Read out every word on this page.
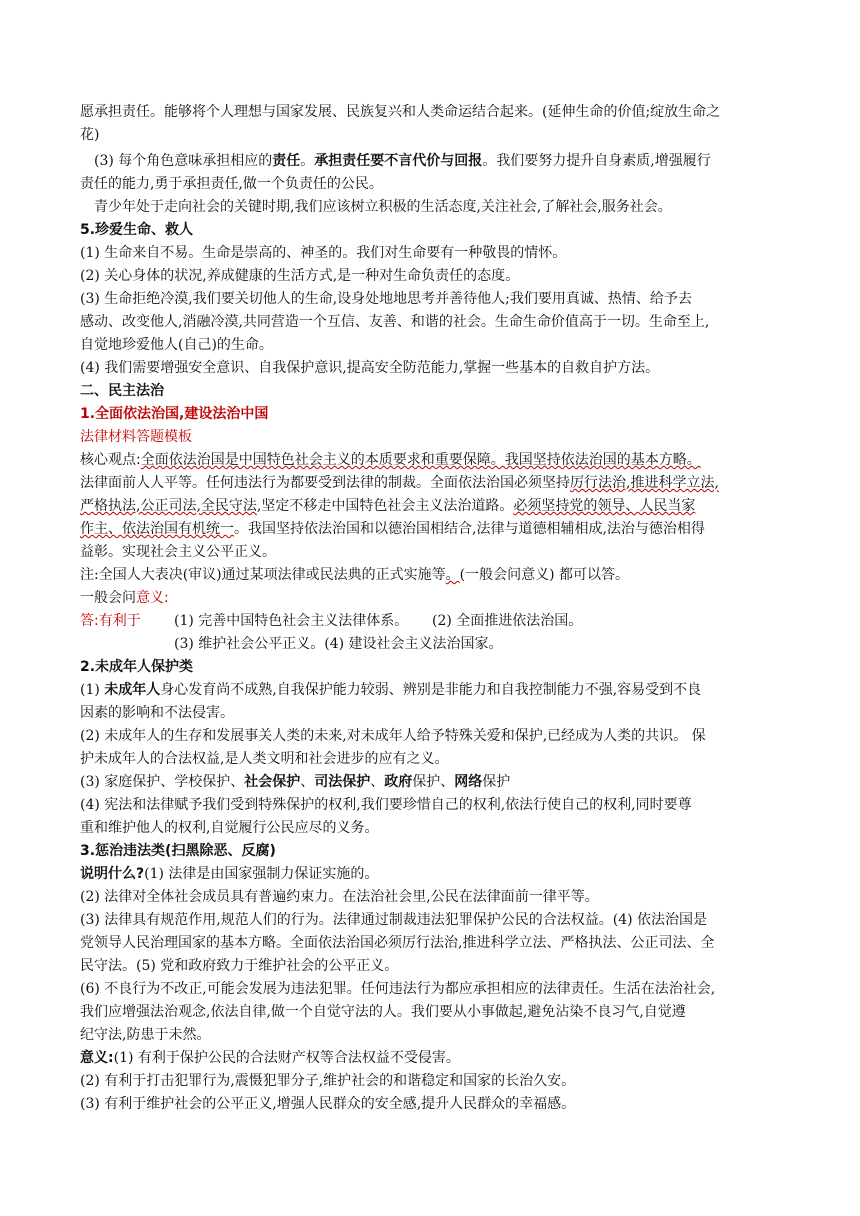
愿承担责任。能够将个人理想与国家发展、民族复兴和人类命运结合起来。(延伸生命的价值;绽放生命之
花)
(3) 每个角色意味承担相应的责任。承担责任要不言代价与回报。我们要努力提升自身素质,增强履行
责任的能力,勇于承担责任,做一个负责任的公民。
青少年处于走向社会的关键时期,我们应该树立积极的生活态度,关注社会,了解社会,服务社会。
5.珍爱生命、救人
(1) 生命来自不易。生命是崇高的、神圣的。我们对生命要有一种敬畏的情怀。
(2) 关心身体的状况,养成健康的生活方式,是一种对生命负责任的态度。
(3) 生命拒绝冷漠,我们要关切他人的生命,设身处地地思考并善待他人;我们要用真诚、热情、给予去
感动、改变他人,消融冷漠,共同营造一个互信、友善、和谐的社会。生命生命价值高于一切。生命至上,
自觉地珍爱他人(自己)的生命。
(4) 我们需要增强安全意识、自我保护意识,提高安全防范能力,掌握一些基本的自救自护方法。
二、民主法治
1.全面依法治国,建设法治中国
法律材料答题模板
核心观点:全面依法治国是中国特色社会主义的本质要求和重要保障。我国坚持依法治国的基本方略。
法律面前人人平等。任何违法行为都要受到法律的制裁。全面依法治国必须坚持厉行法治,推进科学立法,
严格执法,公正司法,全民守法,坚定不移走中国特色社会主义法治道路。必须坚持党的领导、人民当家
作主、依法治国有机统一。我国坚持依法治国和以德治国相结合,法律与道德相辅相成,法治与德治相得
益彰。实现社会主义公平正义。
注:全国人大表决(审议)通过某项法律或民法典的正式实施等。(一般会问意义) 都可以答。
一般会问意义:
答:有利于 (1) 完善中国特色社会主义法律体系。 (2) 全面推进依法治国。
(3) 维护社会公平正义。(4) 建设社会主义法治国家。
2.未成年人保护类
(1) 未成年人身心发育尚不成熟,自我保护能力较弱、辨别是非能力和自我控制能力不强,容易受到不良
因素的影响和不法侵害。
(2) 未成年人的生存和发展事关人类的未来,对未成年人给予特殊关爱和保护,已经成为人类的共识。 保
护未成年人的合法权益,是人类文明和社会进步的应有之义。
(3) 家庭保护、学校保护、社会保护、司法保护、政府保护、网络保护
(4) 宪法和法律赋予我们受到特殊保护的权利,我们要珍惜自己的权利,依法行使自己的权利,同时要尊
重和维护他人的权利,自觉履行公民应尽的义务。
3.惩治违法类(扫黑除恶、反腐)
说明什么?(1) 法律是由国家强制力保证实施的。
(2) 法律对全体社会成员具有普遍约束力。在法治社会里,公民在法律面前一律平等。
(3) 法律具有规范作用,规范人们的行为。法律通过制裁违法犯罪保护公民的合法权益。(4) 依法治国是
党领导人民治理国家的基本方略。全面依法治国必须厉行法治,推进科学立法、严格执法、公正司法、全
民守法。(5) 党和政府致力于维护社会的公平正义。
(6) 不良行为不改正,可能会发展为违法犯罪。任何违法行为都应承担相应的法律责任。生活在法治社会,
我们应增强法治观念,依法自律,做一个自觉守法的人。我们要从小事做起,避免沾染不良习气,自觉遵
纪守法,防患于未然。
意义:(1) 有利于保护公民的合法财产权等合法权益不受侵害。
(2) 有利于打击犯罪行为,震慑犯罪分子,维护社会的和谐稳定和国家的长治久安。
(3) 有利于维护社会的公平正义,增强人民群众的安全感,提升人民群众的幸福感。
